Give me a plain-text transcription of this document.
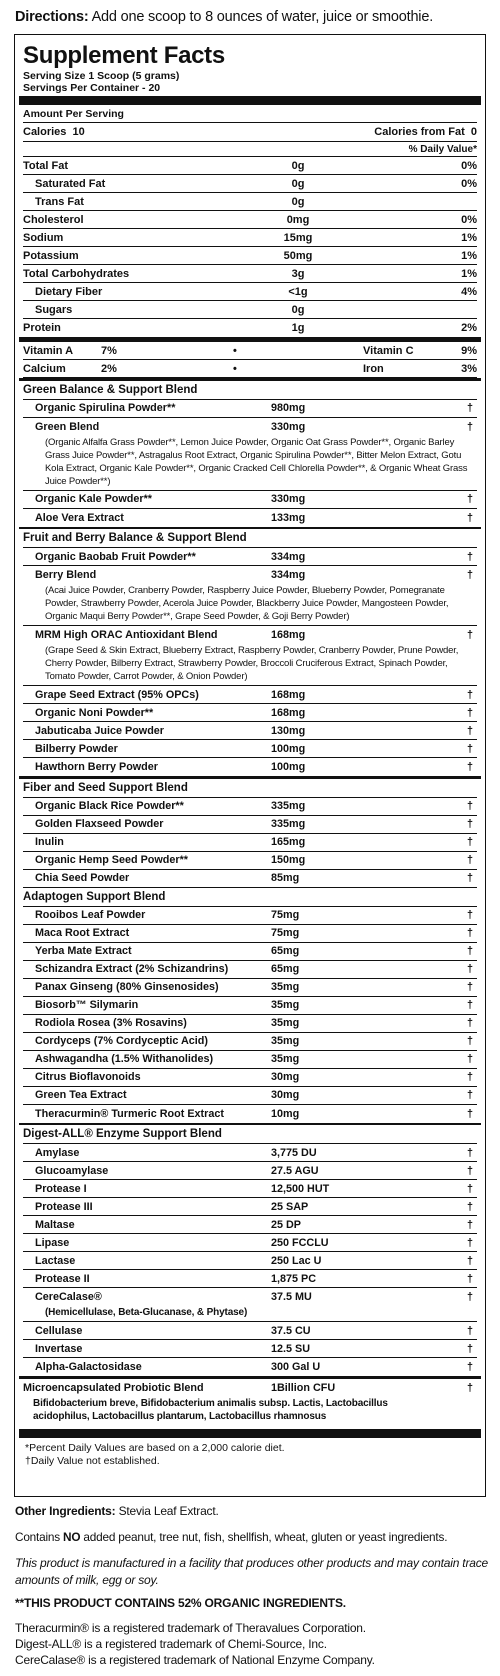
Directions: Add one scoop to 8 ounces of water, juice or smoothie.
Supplement Facts
Serving Size 1 Scoop (5 grams)
Servings Per Container - 20
Amount Per Serving
Calories  10	Calories from Fat  0
% Daily Value*
Total Fat	0g	0%
Saturated Fat	0g	0%
Trans Fat	0g
Cholesterol	0mg	0%
Sodium	15mg	1%
Potassium	50mg	1%
Total Carbohydrates	3g	1%
Dietary Fiber	<1g	4%
Sugars	0g
Protein	1g	2%
Vitamin A	7%	•	Vitamin C	9%
Calcium	2%	•	Iron	3%
Green Balance & Support Blend
Organic Spirulina Powder**	980mg	†
Green Blend	330mg	†
(Organic Alfalfa Grass Powder**, Lemon Juice Powder, Organic Oat Grass Powder**, Organic Barley Grass Juice Powder**, Astragalus Root Extract, Organic Spirulina Powder**, Bitter Melon Extract, Gotu Kola Extract, Organic Kale Powder**, Organic Cracked Cell Chlorella Powder**, & Organic Wheat Grass Juice Powder**)
Organic Kale Powder**	330mg	†
Aloe Vera Extract	133mg	†
Fruit and Berry Balance & Support Blend
Organic Baobab Fruit Powder**	334mg	†
Berry Blend	334mg	†
(Acai Juice Powder, Cranberry Powder, Raspberry Juice Powder, Blueberry Powder, Pomegranate Powder, Strawberry Powder, Acerola Juice Powder, Blackberry Juice Powder, Mangosteen Powder, Organic Maqui Berry Powder**, Grape Seed Powder, & Goji Berry Powder)
MRM High ORAC Antioxidant Blend	168mg	†
(Grape Seed & Skin Extract, Blueberry Extract, Raspberry Powder, Cranberry Powder, Prune Powder, Cherry Powder, Bilberry Extract, Strawberry Powder, Broccoli Cruciferous Extract, Spinach Powder, Tomato Powder, Carrot Powder, & Onion Powder)
Grape Seed Extract (95% OPCs)	168mg	†
Organic Noni Powder**	168mg	†
Jabuticaba Juice Powder	130mg	†
Bilberry Powder	100mg	†
Hawthorn Berry Powder	100mg	†
Fiber and Seed Support Blend
Organic Black Rice Powder**	335mg	†
Golden Flaxseed Powder	335mg	†
Inulin	165mg	†
Organic Hemp Seed Powder**	150mg	†
Chia Seed Powder	85mg	†
Adaptogen Support Blend
Rooibos Leaf Powder	75mg	†
Maca Root Extract	75mg	†
Yerba Mate Extract	65mg	†
Schizandra Extract (2% Schizandrins)	65mg	†
Panax Ginseng (80% Ginsenosides)	35mg	†
Biosorb™ Silymarin	35mg	†
Rodiola Rosea (3% Rosavins)	35mg	†
Cordyceps (7% Cordyceptic Acid)	35mg	†
Ashwagandha (1.5% Withanolides)	35mg	†
Citrus Bioflavonoids	30mg	†
Green Tea Extract	30mg	†
Theracurmin® Turmeric Root Extract	10mg	†
Digest-ALL® Enzyme Support Blend
Amylase	3,775 DU	†
Glucoamylase	27.5 AGU	†
Protease I	12,500 HUT	†
Protease III	25 SAP	†
Maltase	25 DP	†
Lipase	250 FCCLU	†
Lactase	250 Lac U	†
Protease II	1,875 PC	†
CereCalase®	37.5 MU	†
(Hemicellulase, Beta-Glucanase, & Phytase)
Cellulase	37.5 CU	†
Invertase	12.5 SU	†
Alpha-Galactosidase	300 Gal U	†
Microencapsulated Probiotic Blend	1Billion CFU	†
Bifidobacterium breve, Bifidobacterium animalis subsp. Lactis, Lactobacillus acidophilus, Lactobacillus plantarum, Lactobacillus rhamnosus
*Percent Daily Values are based on a 2,000 calorie diet.
†Daily Value not established.
Other Ingredients: Stevia Leaf Extract.
Contains NO added peanut, tree nut, fish, shellfish, wheat, gluten or yeast ingredients.
This product is manufactured in a facility that produces other products and may contain trace amounts of milk, egg or soy.
**THIS PRODUCT CONTAINS 52% ORGANIC INGREDIENTS.
Theracurmin® is a registered trademark of Theravalues Corporation.
Digest-ALL® is a registered trademark of Chemi-Source, Inc.
CereCalase® is a registered trademark of National Enzyme Company.
